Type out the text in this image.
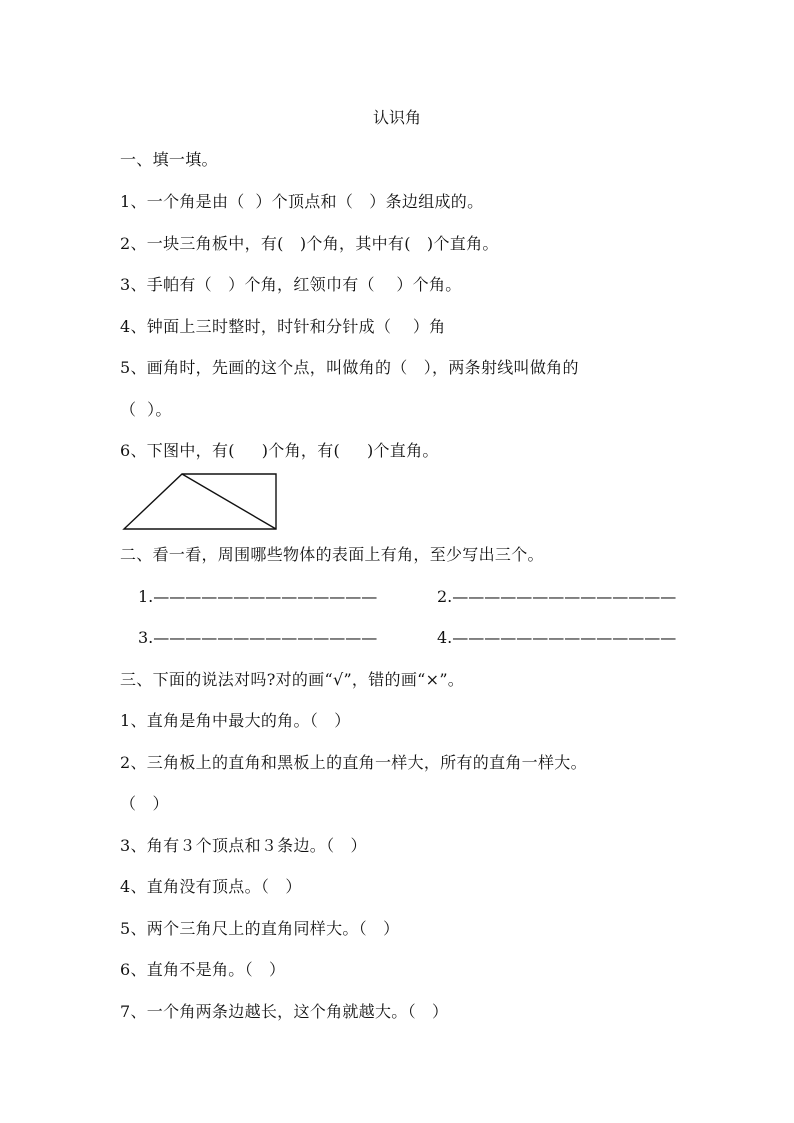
认识角
一、填一填。
1、一个角是由（  ）个顶点和（   ）条边组成的。
2、一块三角板中，有(   )个角，其中有(   )个直角。
3、手帕有（   ）个角，红领巾有（    ）个角。
4、钟面上三时整时，时针和分针成（    ）角
5、画角时，先画的这个点，叫做角的（   ），两条射线叫做角的
（  ）。
6、下图中，有(     )个角，有(     )个直角。
二、看一看，周围哪些物体的表面上有角，至少写出三个。
1.——————————————	2.——————————————
3.——————————————	4.——————————————
三、下面的说法对吗?对的画“√”，错的画“×”。
1、直角是角中最大的角。（   ）
2、三角板上的直角和黑板上的直角一样大，所有的直角一样大。
（   ）
3、角有３个顶点和３条边。（   ）
4、直角没有顶点。（   ）
5、两个三角尺上的直角同样大。（   ）
6、直角不是角。（   ）
7、一个角两条边越长，这个角就越大。（   ）
